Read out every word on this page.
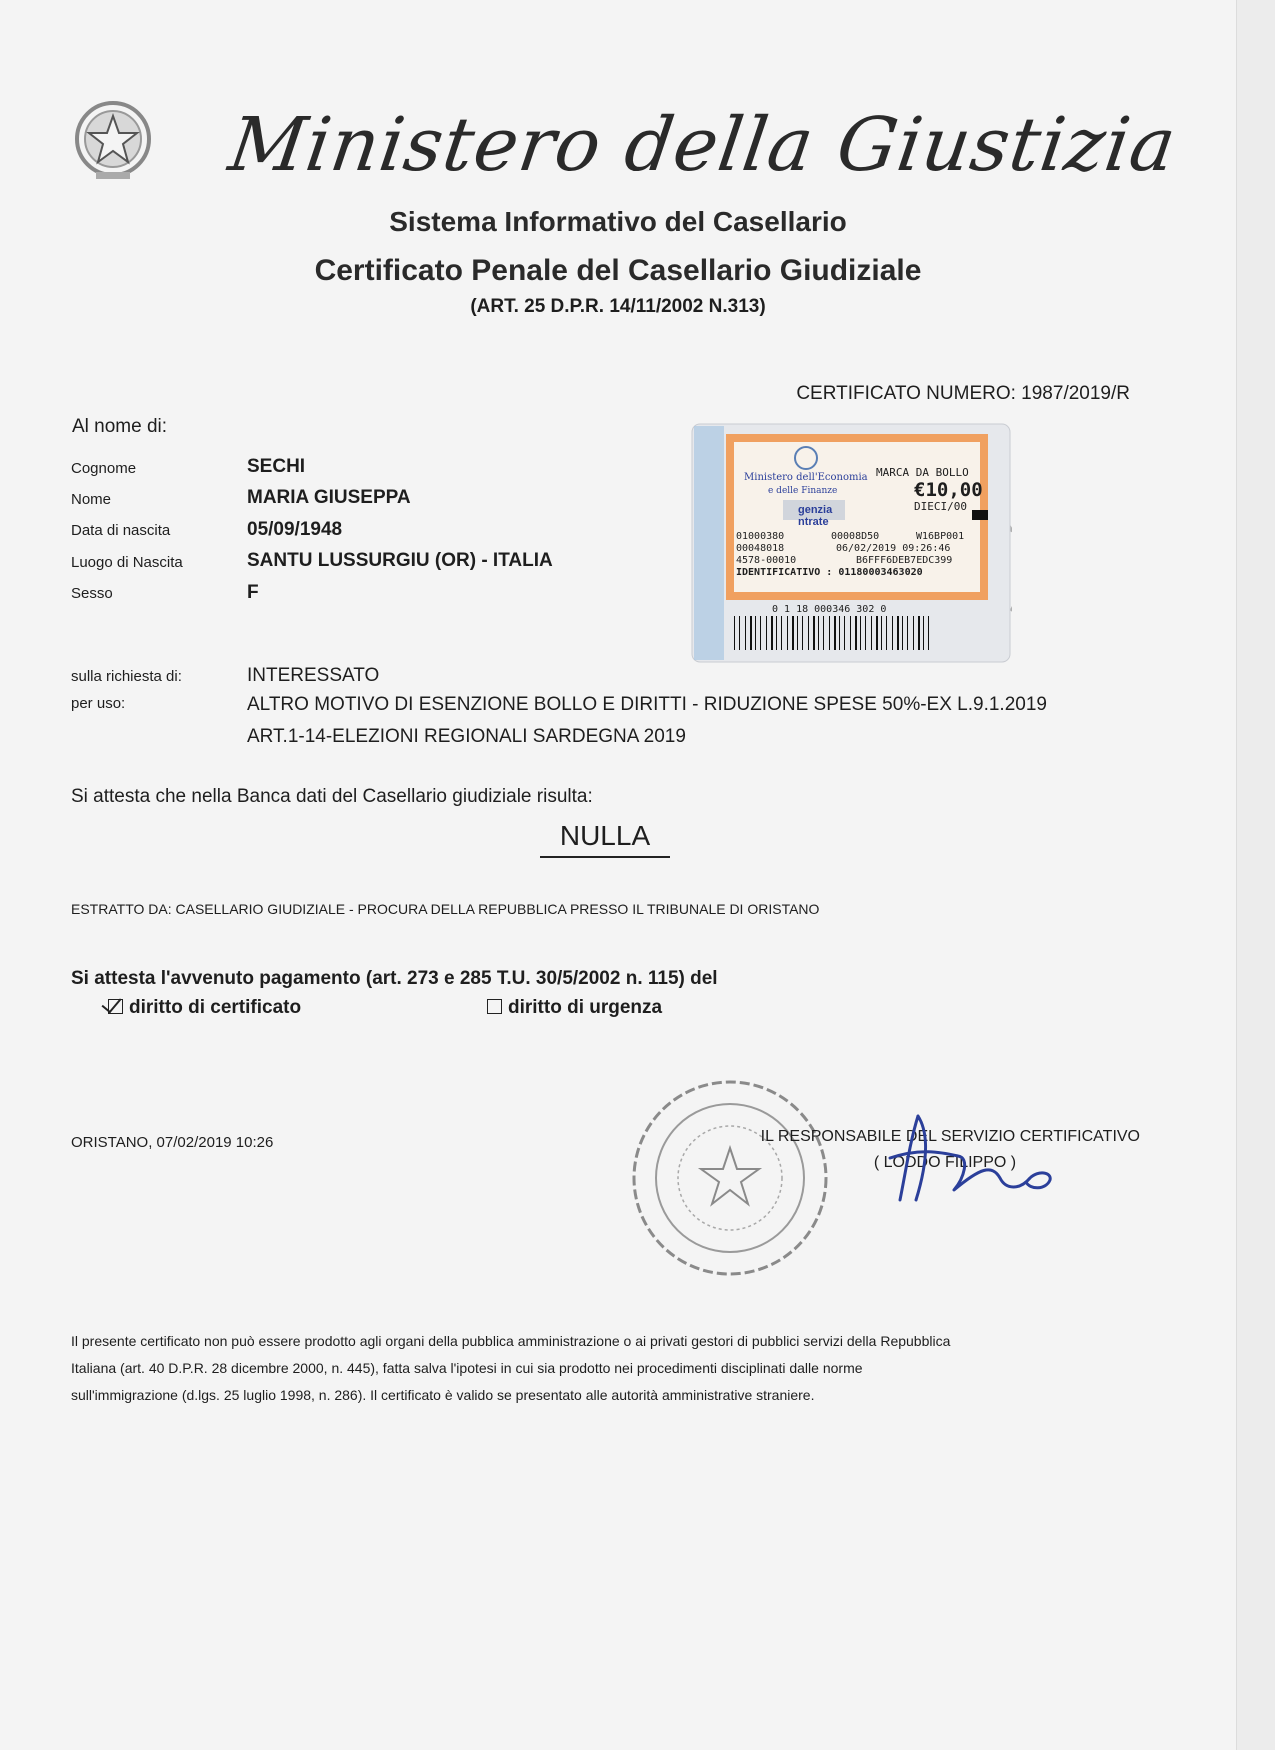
Ministero della Giustizia
Sistema Informativo del Casellario
Certificato Penale del Casellario Giudiziale
(ART. 25 D.P.R. 14/11/2002 N.313)
CERTIFICATO NUMERO: 1987/2019/R
Al nome di:
Cognome	SECHI
Nome	MARIA GIUSEPPA
Data di nascita	05/09/1948
Luogo di Nascita	SANTU LUSSURGIU (OR) - ITALIA
Sesso	F
Ministero dell'Economia
e delle Finanze
MARCA DA BOLLO
€10,00
DIECI/00
genzia
ntrate
01000380	00008D50	W16BP001
00048018	06/02/2019 09:26:46
4578-00010	B6FFF6DEB7EDC399
IDENTIFICATIVO : 01180003463020
0 1 18 000346 302 0
sulla richiesta di:	INTERESSATO
per uso:	ALTRO MOTIVO DI ESENZIONE BOLLO E DIRITTI - RIDUZIONE SPESE 50%-EX L.9.1.2019
ART.1-14-ELEZIONI REGIONALI SARDEGNA 2019
Si attesta che nella Banca dati del Casellario giudiziale risulta:
NULLA
ESTRATTO DA: CASELLARIO GIUDIZIALE - PROCURA DELLA REPUBBLICA PRESSO IL TRIBUNALE DI ORISTANO
Si attesta l'avvenuto pagamento (art. 273 e 285 T.U. 30/5/2002 n. 115) del
diritto di certificato	diritto di urgenza
ORISTANO, 07/02/2019 10:26	IL RESPONSABILE DEL SERVIZIO CERTIFICATIVO
( LODDO FILIPPO )
Il presente certificato non può essere prodotto agli organi della pubblica amministrazione o ai privati gestori di pubblici servizi della Repubblica
Italiana (art. 40 D.P.R. 28 dicembre 2000, n. 445), fatta salva l'ipotesi in cui sia prodotto nei procedimenti disciplinati dalle norme
sull'immigrazione (d.lgs. 25 luglio 1998, n. 286). Il certificato è valido se presentato alle autorità amministrative straniere.
